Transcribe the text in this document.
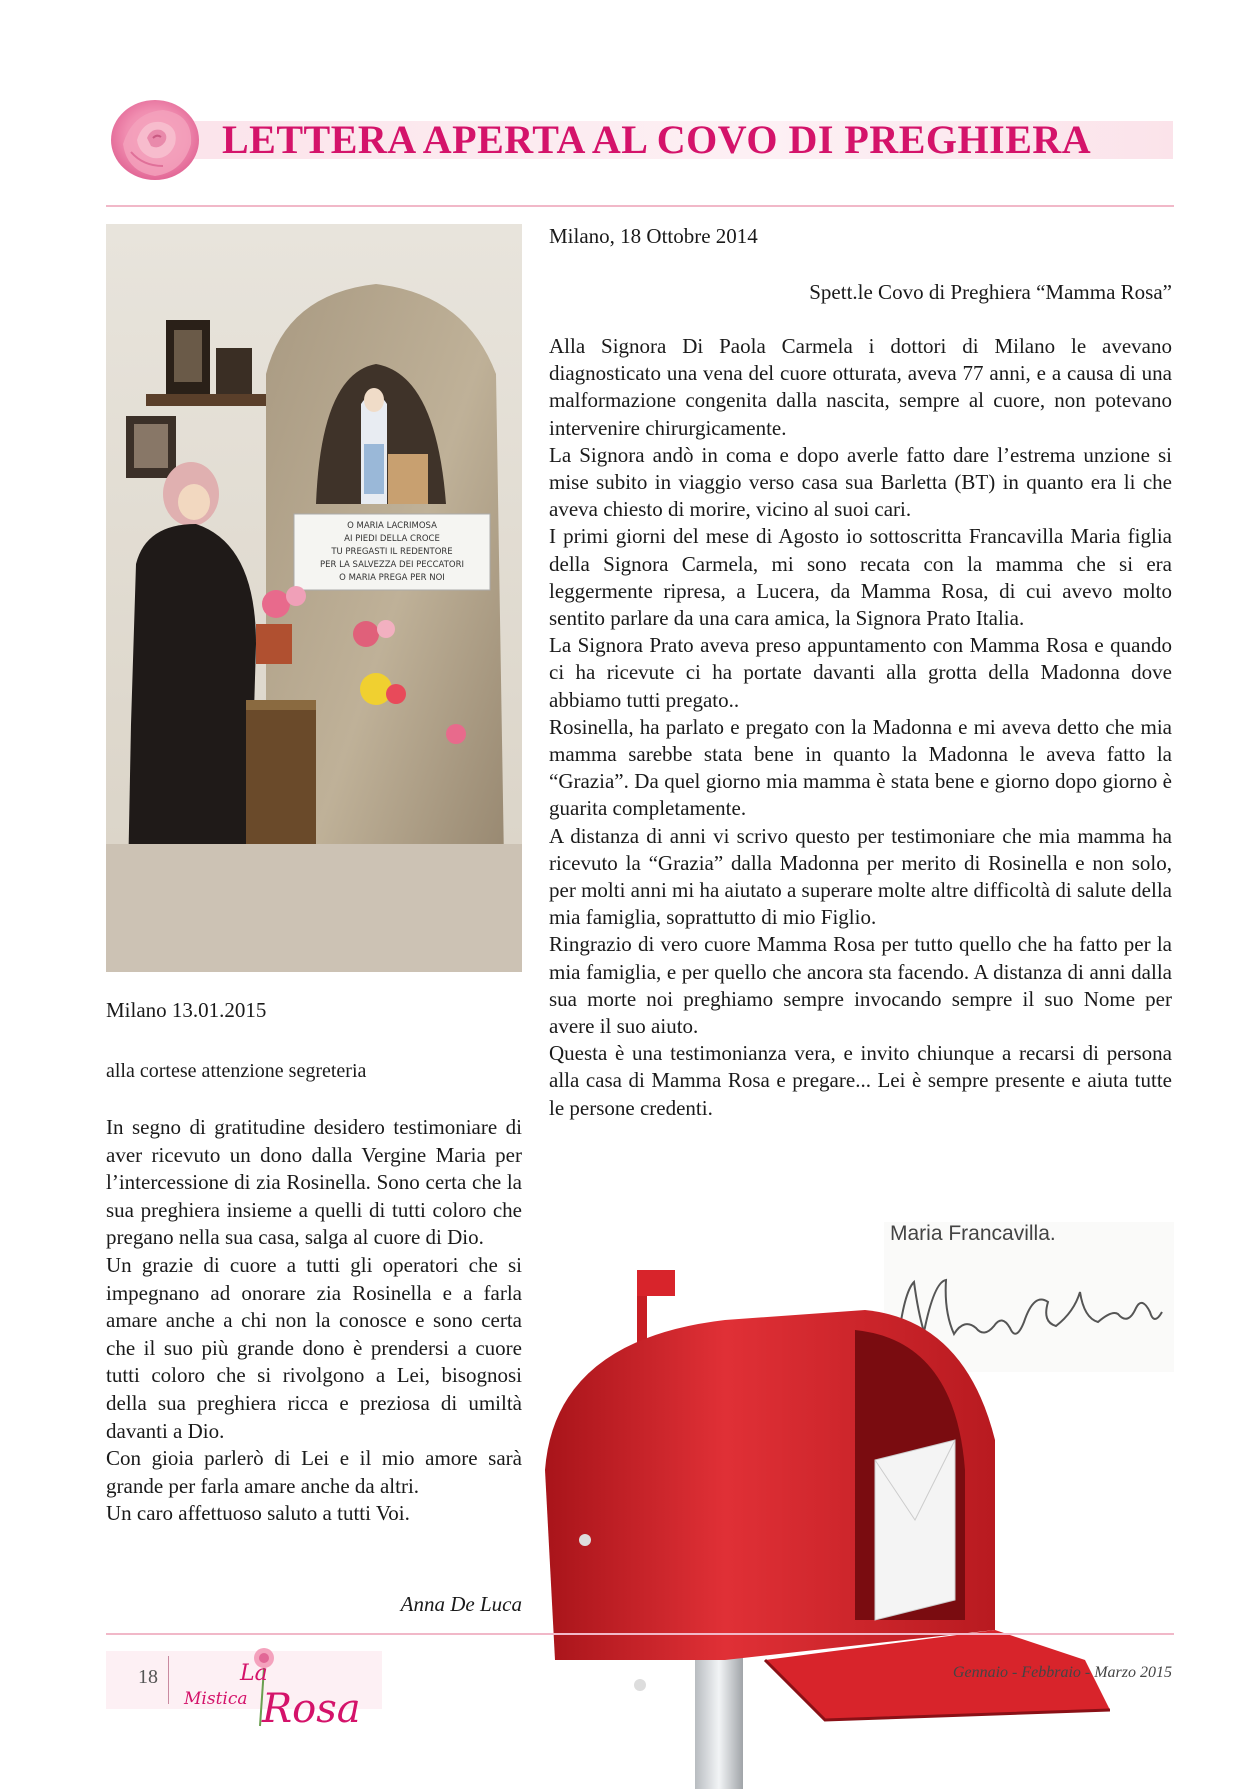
LETTERA APERTA AL COVO DI PREGHIERA
O MARIA LACRIMOSA
AI PIEDI DELLA CROCE
TU PREGASTI IL REDENTORE
PER LA SALVEZZA DEI PECCATORI
O MARIA PREGA PER NOI
Milano 13.01.2015
alla cortese attenzione segreteria

In segno di gratitudine desidero testimoniare di aver ricevuto un dono dalla Vergine Maria per l’intercessione di zia Rosinella. Sono certa che la sua preghiera insieme a quelli di tutti coloro che pregano nella sua casa, salga al cuore di Dio.

Un grazie di cuore a tutti gli operatori che si impegnano ad onorare zia Rosinella e a farla amare anche a chi non la conosce e sono certa che il suo più grande dono è prendersi a cuore tutti coloro che si rivolgono a Lei, bisognosi della sua preghiera ricca e preziosa di umiltà davanti a Dio.

Con gioia parlerò di Lei e il mio amore sarà grande per farla amare anche da altri.

Un caro affettuoso saluto a tutti Voi.

Anna De Luca
Milano, 18 Ottobre 2014
Spett.le Covo di Preghiera “Mamma Rosa”

Alla Signora Di Paola Carmela i dottori di Milano le avevano diagnosticato una vena del cuore otturata, aveva 77 anni, e a causa di una malformazione congenita dalla nascita, sempre al cuore, non potevano intervenire chirurgicamente.

La Signora andò in coma e dopo averle fatto dare l’estrema unzione si mise subito in viaggio verso casa sua Barletta (BT) in quanto era li che aveva chiesto di morire, vicino al suoi cari.

I primi giorni del mese di Agosto io sottoscritta Francavilla Maria figlia della Signora Carmela, mi sono recata con la mamma che si era leggermente ripresa, a Lucera, da Mamma Rosa, di cui avevo molto sentito parlare da una cara amica, la Signora Prato Italia.

La Signora Prato aveva preso appuntamento con Mamma Rosa e quando ci ha ricevute ci ha portate davanti alla grotta della Madonna dove abbiamo tutti pregato..

Rosinella, ha parlato e pregato con la Madonna e mi aveva detto che mia mamma sarebbe stata bene in quanto la Madonna le aveva fatto la “Grazia”. Da quel giorno mia mamma è stata bene e giorno dopo giorno è guarita completamente.

A distanza di anni vi scrivo questo per testimoniare che mia mamma ha ricevuto la “Grazia” dalla Madonna per merito di Rosinella e non solo, per molti anni mi ha aiutato a superare molte altre difficoltà di salute della mia famiglia, soprattutto di mio Figlio.

Ringrazio di vero cuore Mamma Rosa per tutto quello che ha fatto per la mia famiglia, e per quello che ancora sta facendo. A distanza di anni dalla sua morte noi preghiamo sempre invocando sempre il suo Nome per avere il suo aiuto.

Questa è una testimonianza vera, e invito chiunque a recarsi di persona alla casa di Mamma Rosa e pregare... Lei è sempre presente e aiuta tutte le persone credenti.

Maria Francavilla.
18	La
Mistica Rosa
Gennaio - Febbraio - Marzo 2015
